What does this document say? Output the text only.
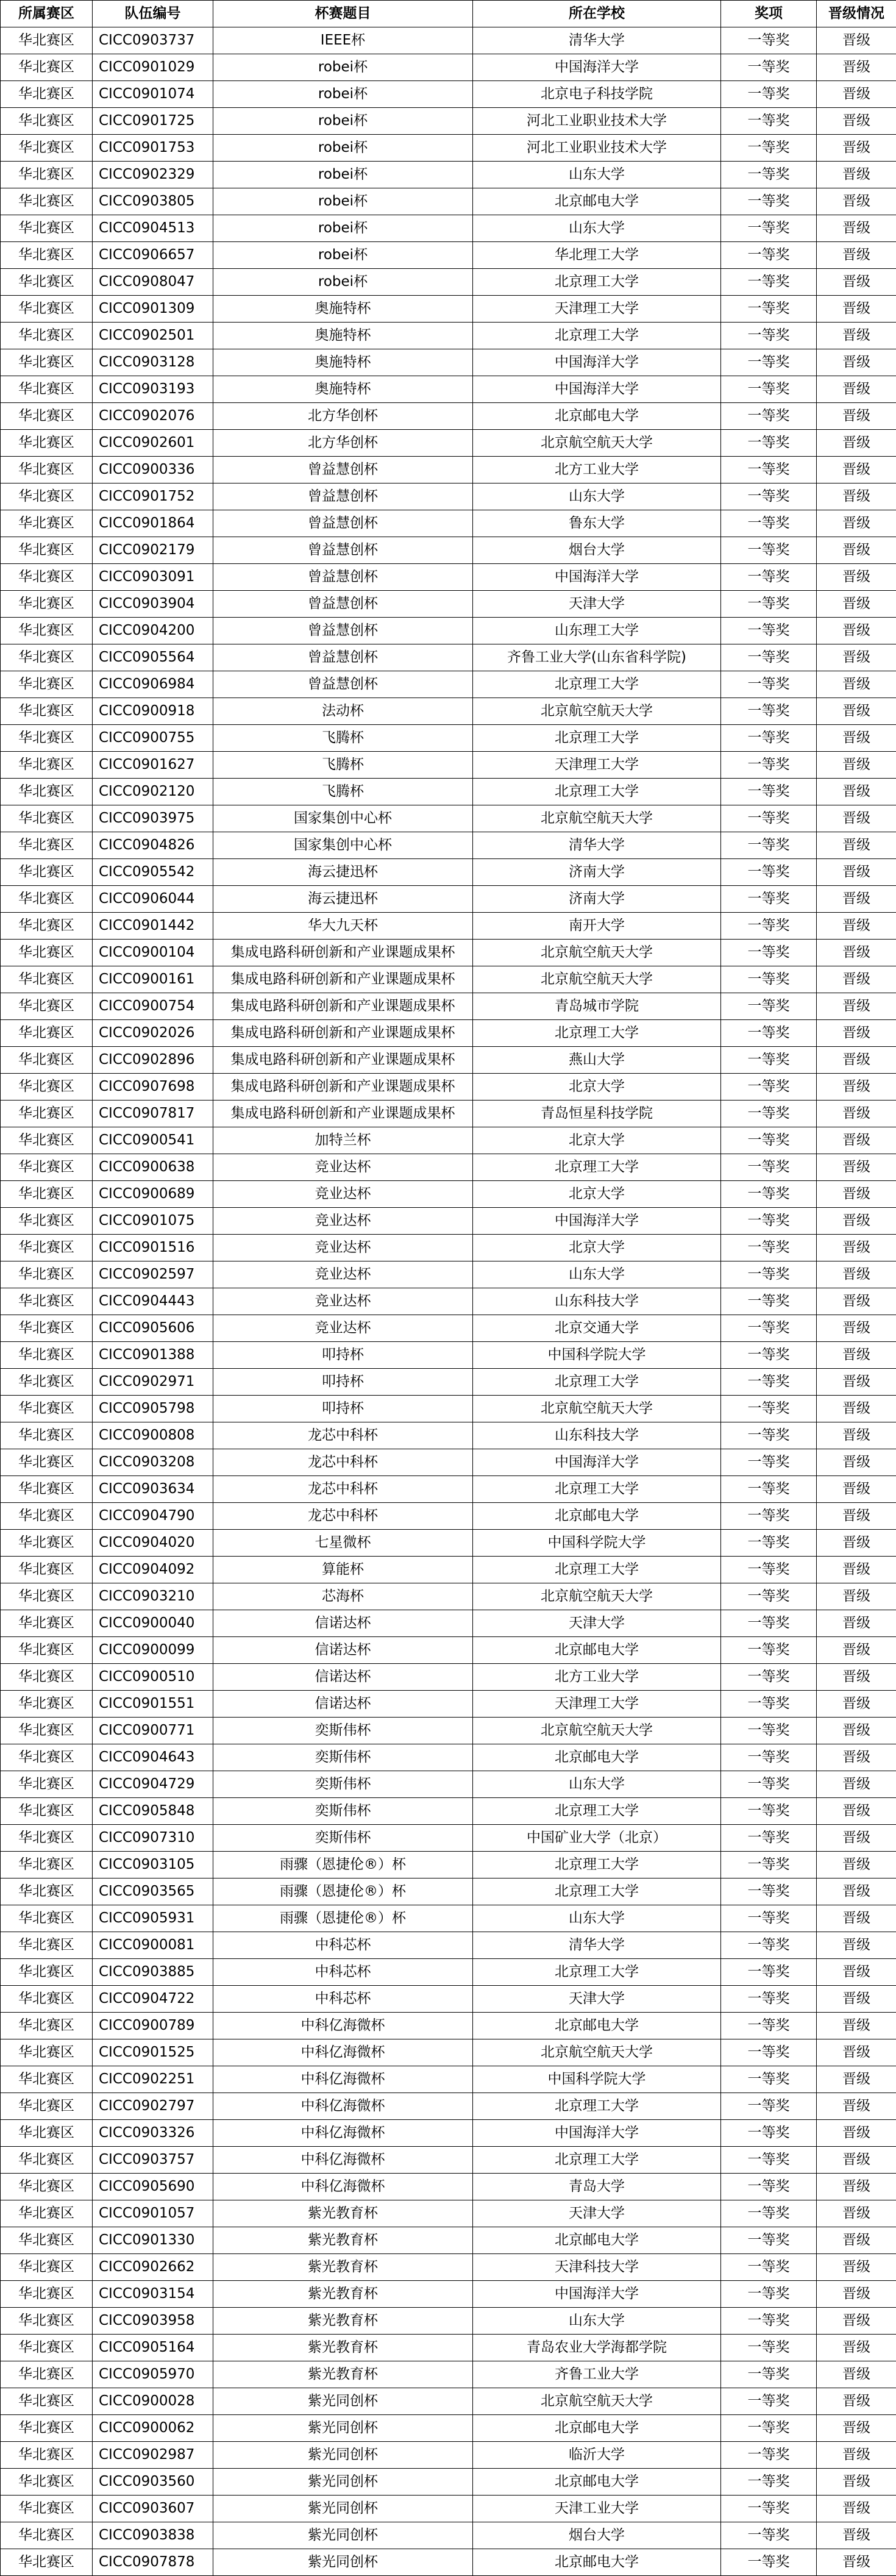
所属赛区	队伍编号	杯赛题目	所在学校	奖项	晋级情况
华北赛区	CICC0903737	IEEE杯	清华大学	一等奖	晋级
华北赛区	CICC0901029	robei杯	中国海洋大学	一等奖	晋级
华北赛区	CICC0901074	robei杯	北京电子科技学院	一等奖	晋级
华北赛区	CICC0901725	robei杯	河北工业职业技术大学	一等奖	晋级
华北赛区	CICC0901753	robei杯	河北工业职业技术大学	一等奖	晋级
华北赛区	CICC0902329	robei杯	山东大学	一等奖	晋级
华北赛区	CICC0903805	robei杯	北京邮电大学	一等奖	晋级
华北赛区	CICC0904513	robei杯	山东大学	一等奖	晋级
华北赛区	CICC0906657	robei杯	华北理工大学	一等奖	晋级
华北赛区	CICC0908047	robei杯	北京理工大学	一等奖	晋级
华北赛区	CICC0901309	奥施特杯	天津理工大学	一等奖	晋级
华北赛区	CICC0902501	奥施特杯	北京理工大学	一等奖	晋级
华北赛区	CICC0903128	奥施特杯	中国海洋大学	一等奖	晋级
华北赛区	CICC0903193	奥施特杯	中国海洋大学	一等奖	晋级
华北赛区	CICC0902076	北方华创杯	北京邮电大学	一等奖	晋级
华北赛区	CICC0902601	北方华创杯	北京航空航天大学	一等奖	晋级
华北赛区	CICC0900336	曾益慧创杯	北方工业大学	一等奖	晋级
华北赛区	CICC0901752	曾益慧创杯	山东大学	一等奖	晋级
华北赛区	CICC0901864	曾益慧创杯	鲁东大学	一等奖	晋级
华北赛区	CICC0902179	曾益慧创杯	烟台大学	一等奖	晋级
华北赛区	CICC0903091	曾益慧创杯	中国海洋大学	一等奖	晋级
华北赛区	CICC0903904	曾益慧创杯	天津大学	一等奖	晋级
华北赛区	CICC0904200	曾益慧创杯	山东理工大学	一等奖	晋级
华北赛区	CICC0905564	曾益慧创杯	齐鲁工业大学(山东省科学院)	一等奖	晋级
华北赛区	CICC0906984	曾益慧创杯	北京理工大学	一等奖	晋级
华北赛区	CICC0900918	法动杯	北京航空航天大学	一等奖	晋级
华北赛区	CICC0900755	飞腾杯	北京理工大学	一等奖	晋级
华北赛区	CICC0901627	飞腾杯	天津理工大学	一等奖	晋级
华北赛区	CICC0902120	飞腾杯	北京理工大学	一等奖	晋级
华北赛区	CICC0903975	国家集创中心杯	北京航空航天大学	一等奖	晋级
华北赛区	CICC0904826	国家集创中心杯	清华大学	一等奖	晋级
华北赛区	CICC0905542	海云捷迅杯	济南大学	一等奖	晋级
华北赛区	CICC0906044	海云捷迅杯	济南大学	一等奖	晋级
华北赛区	CICC0901442	华大九天杯	南开大学	一等奖	晋级
华北赛区	CICC0900104	集成电路科研创新和产业课题成果杯	北京航空航天大学	一等奖	晋级
华北赛区	CICC0900161	集成电路科研创新和产业课题成果杯	北京航空航天大学	一等奖	晋级
华北赛区	CICC0900754	集成电路科研创新和产业课题成果杯	青岛城市学院	一等奖	晋级
华北赛区	CICC0902026	集成电路科研创新和产业课题成果杯	北京理工大学	一等奖	晋级
华北赛区	CICC0902896	集成电路科研创新和产业课题成果杯	燕山大学	一等奖	晋级
华北赛区	CICC0907698	集成电路科研创新和产业课题成果杯	北京大学	一等奖	晋级
华北赛区	CICC0907817	集成电路科研创新和产业课题成果杯	青岛恒星科技学院	一等奖	晋级
华北赛区	CICC0900541	加特兰杯	北京大学	一等奖	晋级
华北赛区	CICC0900638	竞业达杯	北京理工大学	一等奖	晋级
华北赛区	CICC0900689	竞业达杯	北京大学	一等奖	晋级
华北赛区	CICC0901075	竞业达杯	中国海洋大学	一等奖	晋级
华北赛区	CICC0901516	竞业达杯	北京大学	一等奖	晋级
华北赛区	CICC0902597	竞业达杯	山东大学	一等奖	晋级
华北赛区	CICC0904443	竞业达杯	山东科技大学	一等奖	晋级
华北赛区	CICC0905606	竞业达杯	北京交通大学	一等奖	晋级
华北赛区	CICC0901388	叩持杯	中国科学院大学	一等奖	晋级
华北赛区	CICC0902971	叩持杯	北京理工大学	一等奖	晋级
华北赛区	CICC0905798	叩持杯	北京航空航天大学	一等奖	晋级
华北赛区	CICC0900808	龙芯中科杯	山东科技大学	一等奖	晋级
华北赛区	CICC0903208	龙芯中科杯	中国海洋大学	一等奖	晋级
华北赛区	CICC0903634	龙芯中科杯	北京理工大学	一等奖	晋级
华北赛区	CICC0904790	龙芯中科杯	北京邮电大学	一等奖	晋级
华北赛区	CICC0904020	七星微杯	中国科学院大学	一等奖	晋级
华北赛区	CICC0904092	算能杯	北京理工大学	一等奖	晋级
华北赛区	CICC0903210	芯海杯	北京航空航天大学	一等奖	晋级
华北赛区	CICC0900040	信诺达杯	天津大学	一等奖	晋级
华北赛区	CICC0900099	信诺达杯	北京邮电大学	一等奖	晋级
华北赛区	CICC0900510	信诺达杯	北方工业大学	一等奖	晋级
华北赛区	CICC0901551	信诺达杯	天津理工大学	一等奖	晋级
华北赛区	CICC0900771	奕斯伟杯	北京航空航天大学	一等奖	晋级
华北赛区	CICC0904643	奕斯伟杯	北京邮电大学	一等奖	晋级
华北赛区	CICC0904729	奕斯伟杯	山东大学	一等奖	晋级
华北赛区	CICC0905848	奕斯伟杯	北京理工大学	一等奖	晋级
华北赛区	CICC0907310	奕斯伟杯	中国矿业大学（北京）	一等奖	晋级
华北赛区	CICC0903105	雨骤（恩捷伦®）杯	北京理工大学	一等奖	晋级
华北赛区	CICC0903565	雨骤（恩捷伦®）杯	北京理工大学	一等奖	晋级
华北赛区	CICC0905931	雨骤（恩捷伦®）杯	山东大学	一等奖	晋级
华北赛区	CICC0900081	中科芯杯	清华大学	一等奖	晋级
华北赛区	CICC0903885	中科芯杯	北京理工大学	一等奖	晋级
华北赛区	CICC0904722	中科芯杯	天津大学	一等奖	晋级
华北赛区	CICC0900789	中科亿海微杯	北京邮电大学	一等奖	晋级
华北赛区	CICC0901525	中科亿海微杯	北京航空航天大学	一等奖	晋级
华北赛区	CICC0902251	中科亿海微杯	中国科学院大学	一等奖	晋级
华北赛区	CICC0902797	中科亿海微杯	北京理工大学	一等奖	晋级
华北赛区	CICC0903326	中科亿海微杯	中国海洋大学	一等奖	晋级
华北赛区	CICC0903757	中科亿海微杯	北京理工大学	一等奖	晋级
华北赛区	CICC0905690	中科亿海微杯	青岛大学	一等奖	晋级
华北赛区	CICC0901057	紫光教育杯	天津大学	一等奖	晋级
华北赛区	CICC0901330	紫光教育杯	北京邮电大学	一等奖	晋级
华北赛区	CICC0902662	紫光教育杯	天津科技大学	一等奖	晋级
华北赛区	CICC0903154	紫光教育杯	中国海洋大学	一等奖	晋级
华北赛区	CICC0903958	紫光教育杯	山东大学	一等奖	晋级
华北赛区	CICC0905164	紫光教育杯	青岛农业大学海都学院	一等奖	晋级
华北赛区	CICC0905970	紫光教育杯	齐鲁工业大学	一等奖	晋级
华北赛区	CICC0900028	紫光同创杯	北京航空航天大学	一等奖	晋级
华北赛区	CICC0900062	紫光同创杯	北京邮电大学	一等奖	晋级
华北赛区	CICC0902987	紫光同创杯	临沂大学	一等奖	晋级
华北赛区	CICC0903560	紫光同创杯	北京邮电大学	一等奖	晋级
华北赛区	CICC0903607	紫光同创杯	天津工业大学	一等奖	晋级
华北赛区	CICC0903838	紫光同创杯	烟台大学	一等奖	晋级
华北赛区	CICC0907878	紫光同创杯	北京邮电大学	一等奖	晋级
